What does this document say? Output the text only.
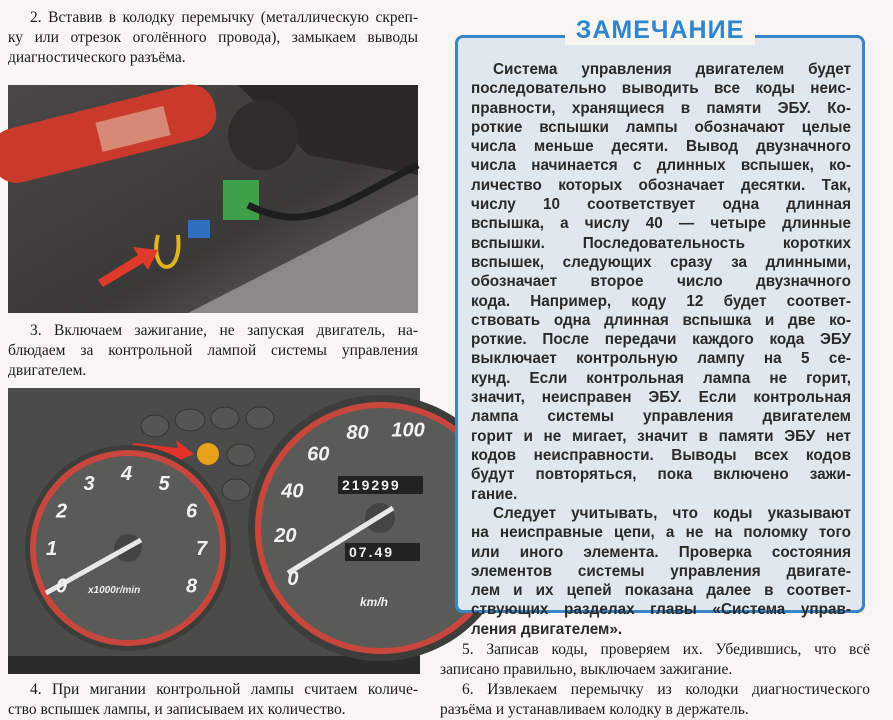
2. Вставив в колодку перемычку (металлическую скреп-
ку или отрезок оголённого провода), замыкаем выводы
диагностического разъёма.
3. Включаем зажигание, не запуская двигатель, на-
блюдаем за контрольной лампой системы управления
двигателем.
0
1
2
3 4 5
6
7
8
x1000r/min
219299
07.49
0
20
40
60
80 100
km/h
4. При мигании контрольной лампы считаем количе-
ство вспышек лампы, и записываем их количество.
Система управления двигателем будет
последовательно выводить все коды неис-
правности, хранящиеся в памяти ЭБУ. Ко-
роткие вспышки лампы обозначают целые
числа меньше десяти. Вывод двузначного
числа начинается с длинных вспышек, ко-
личество которых обозначает десятки. Так,
числу 10 соответствует одна длинная
вспышка, а числу 40 — четыре длинные
вспышки. Последовательность коротких
вспышек, следующих сразу за длинными,
обозначает второе число двузначного
кода. Например, коду 12 будет соответ-
ствовать одна длинная вспышка и две ко-
роткие. После передачи каждого кода ЭБУ
выключает контрольную лампу на 5 се-
кунд. Если контрольная лампа не горит,
значит, неисправен ЭБУ. Если контрольная
лампа системы управления двигателем
горит и не мигает, значит в памяти ЭБУ нет
кодов неисправности. Выводы всех кодов
будут повторяться, пока включено зажи-
гание.
Следует учитывать, что коды указывают
на неисправные цепи, а не на поломку того
или иного элемента. Проверка состояния
элементов системы управления двигате-
лем и их цепей показана далее в соответ-
ствующих разделах главы «Система управ-
ления двигателем».
ЗАМЕЧАНИЕ
5. Записав коды, проверяем их. Убедившись, что всё
записано правильно, выключаем зажигание.
6. Извлекаем перемычку из колодки диагностического
разъёма и устанавливаем колодку в держатель.
